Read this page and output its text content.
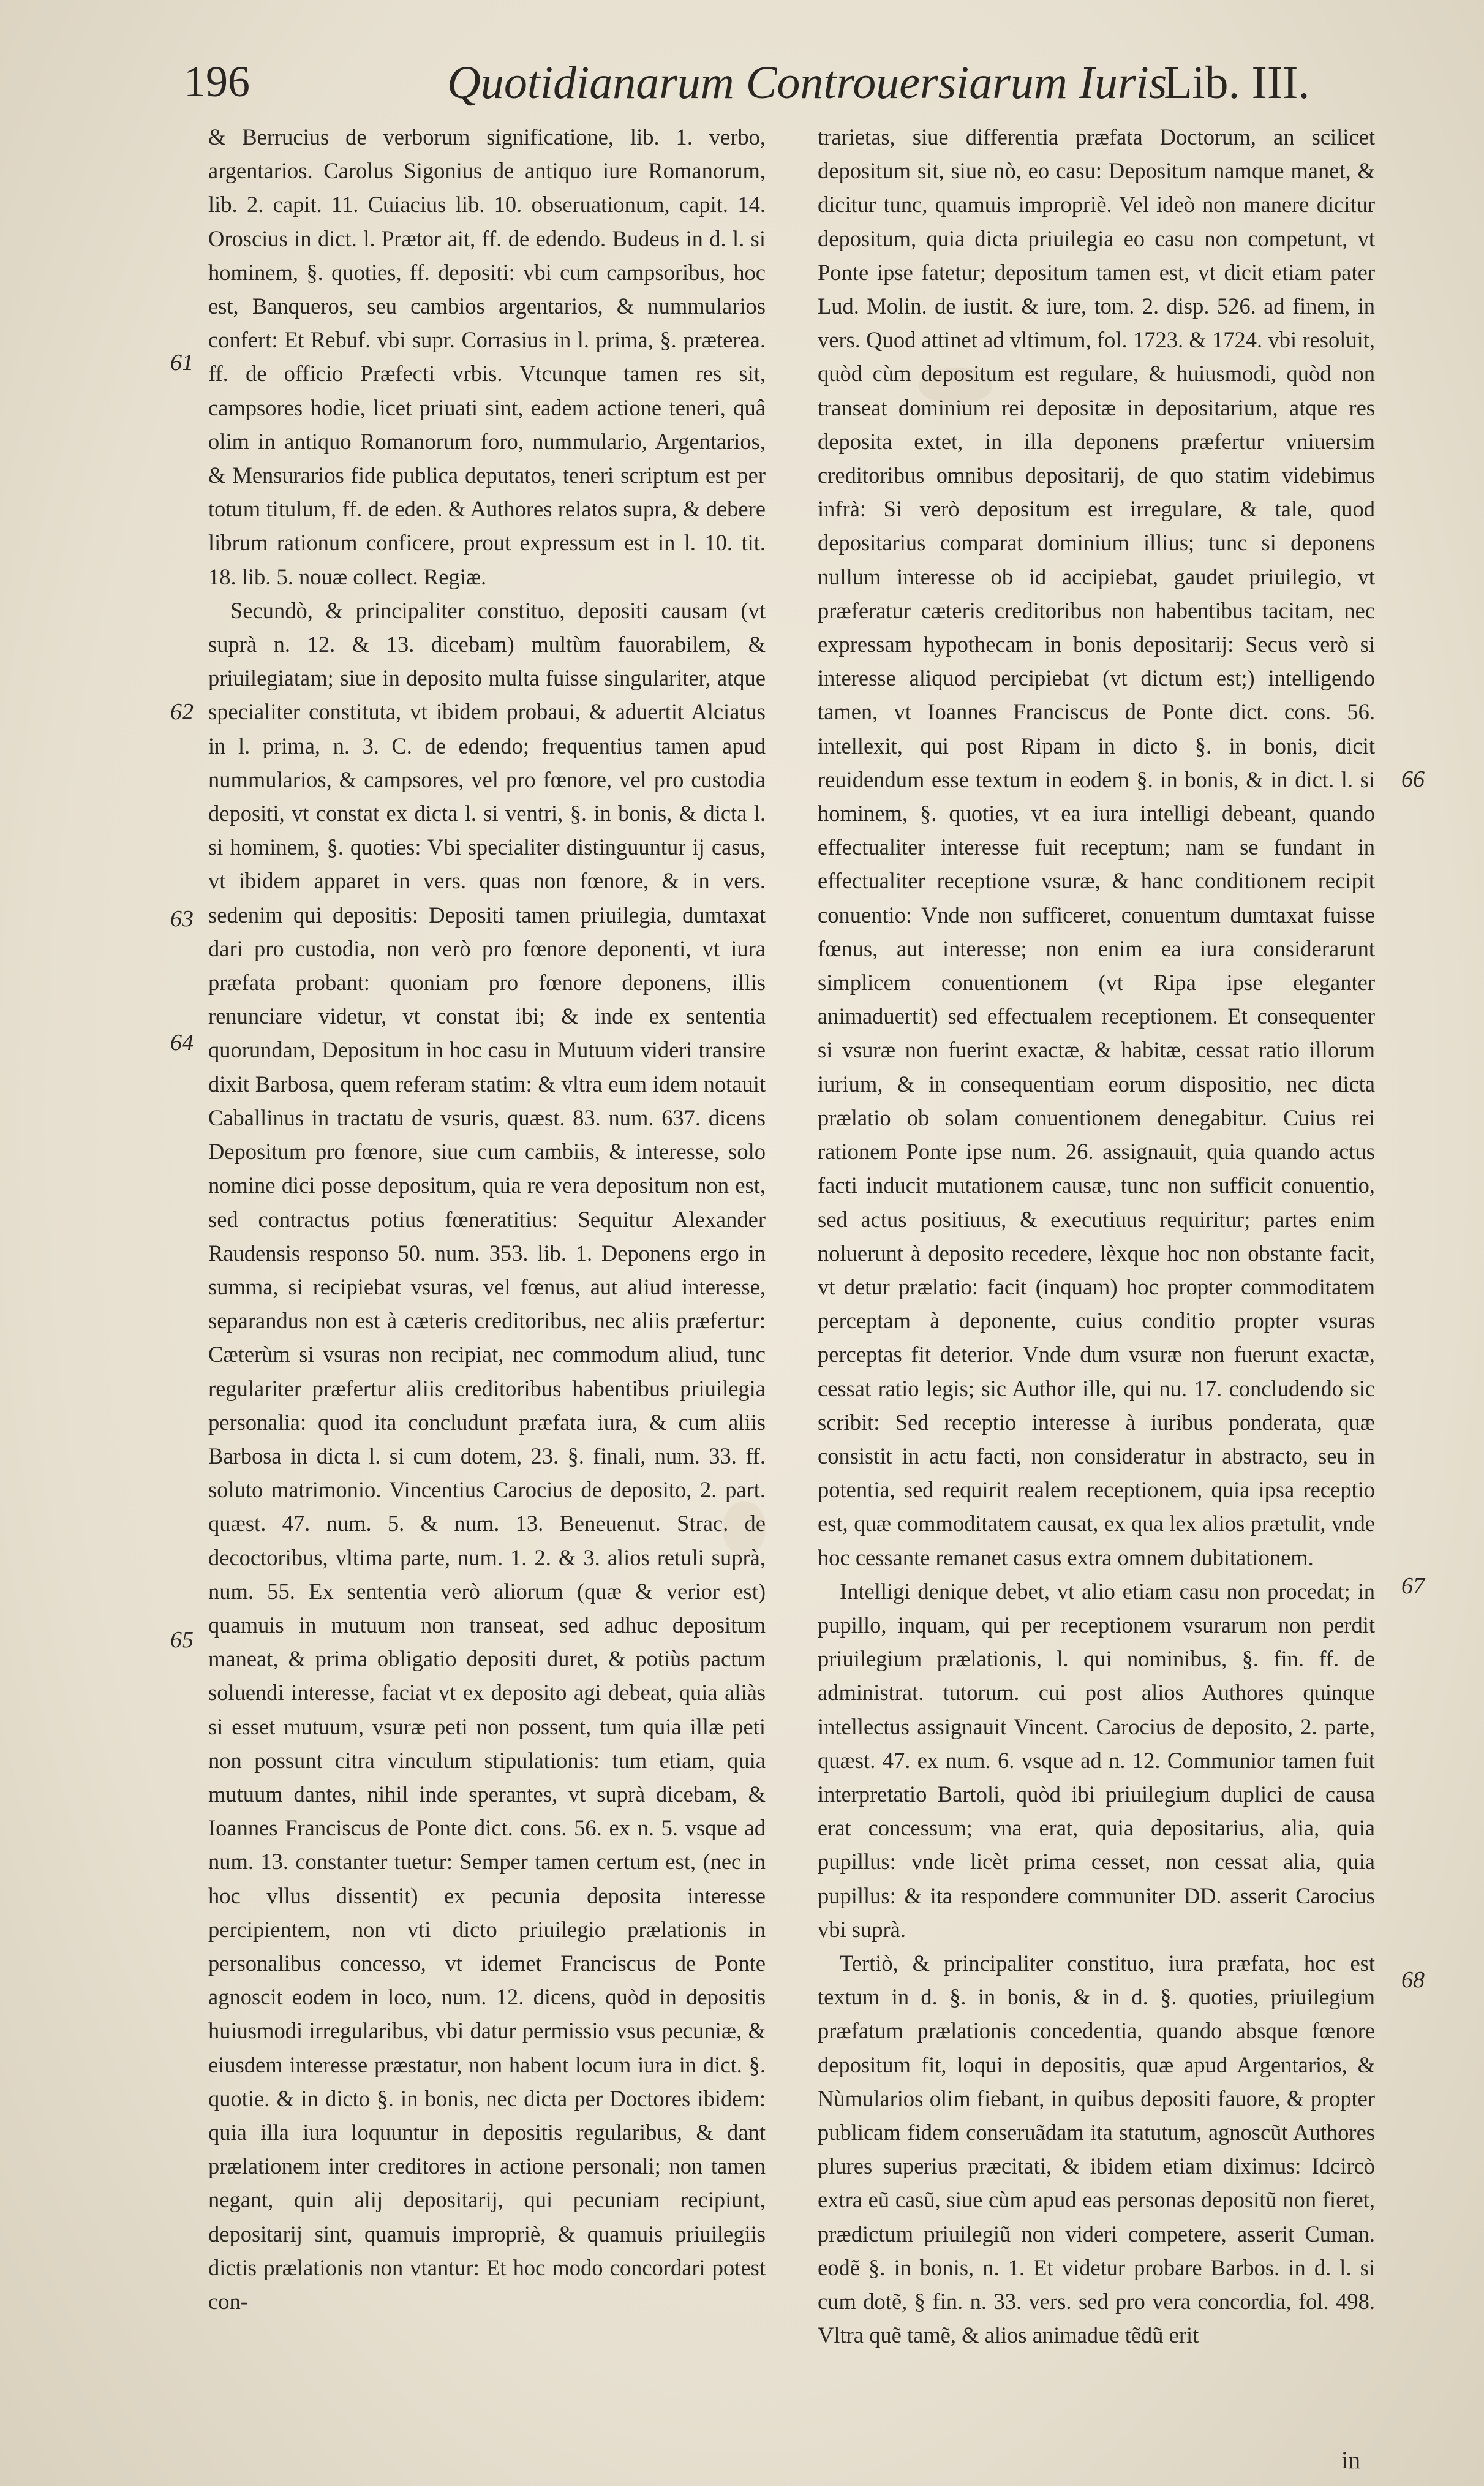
196	Quotidianarum Controuersiarum Iuris
Lib. III.
61
62
63
64
65
66
67
68

& Berrucius de verborum significatione, lib. 1. verbo, argentarios. Carolus Sigonius de antiquo iure Romanorum, lib. 2. capit. 11. Cuiacius lib. 10. obseruationum, capit. 14. Oroscius in dict. l. Prætor ait, ff. de edendo. Budeus in d. l. si hominem, §. quoties, ff. depositi: vbi cum campsoribus, hoc est, Banqueros, seu cambios argentarios, & nummularios confert: Et Rebuf. vbi supr. Corrasius in l. prima, §. præterea. ff. de officio Præfecti vrbis. Vtcunque tamen res sit, campsores hodie, licet priuati sint, eadem actione teneri, quâ olim in antiquo Romanorum foro, nummulario, Argentarios, & Mensurarios fide publica deputatos, teneri scriptum est per totum titulum, ff. de eden. & Authores relatos supra, & debere librum rationum conficere, prout expressum est in l. 10. tit. 18. lib. 5. nouæ collect. Regiæ.

Secundò, & principaliter constituo, depositi causam (vt suprà n. 12. & 13. dicebam) multùm fauorabilem, & priuilegiatam; siue in deposito multa fuisse singulariter, atque specialiter constituta, vt ibidem probaui, & aduertit Alciatus in l. prima, n. 3. C. de edendo; frequentius tamen apud nummularios, & campsores, vel pro fœnore, vel pro custodia depositi, vt constat ex dicta l. si ventri, §. in bonis, & dicta l. si hominem, §. quoties: Vbi specialiter distinguuntur ij casus, vt ibidem apparet in vers. quas non fœnore, & in vers. sedenim qui depositis: Depositi tamen priuilegia, dumtaxat dari pro custodia, non verò pro fœnore deponenti, vt iura præfata probant: quoniam pro fœnore deponens, illis renunciare videtur, vt constat ibi; & inde ex sententia quorundam, Depositum in hoc casu in Mutuum videri transire dixit Barbosa, quem referam statim: & vltra eum idem notauit Caballinus in tractatu de vsuris, quæst. 83. num. 637. dicens Depositum pro fœnore, siue cum cambiis, & interesse, solo nomine dici posse depositum, quia re vera depositum non est, sed contractus potius fœneratitius: Sequitur Alexander Raudensis responso 50. num. 353. lib. 1. Deponens ergo in summa, si recipiebat vsuras, vel fœnus, aut aliud interesse, separandus non est à cæteris creditoribus, nec aliis præfertur: Cæterùm si vsuras non recipiat, nec commodum aliud, tunc regulariter præfertur aliis creditoribus habentibus priuilegia personalia: quod ita concludunt præfata iura, & cum aliis Barbosa in dicta l. si cum dotem, 23. §. finali, num. 33. ff. soluto matrimonio. Vincentius Carocius de deposito, 2. part. quæst. 47. num. 5. & num. 13. Beneuenut. Strac. de decoctoribus, vltima parte, num. 1. 2. & 3. alios retuli suprà, num. 55. Ex sententia verò aliorum (quæ & verior est) quamuis in mutuum non transeat, sed adhuc depositum maneat, & prima obligatio depositi duret, & potiùs pactum soluendi interesse, faciat vt ex deposito agi debeat, quia aliàs si esset mutuum, vsuræ peti non possent, tum quia illæ peti non possunt citra vinculum stipulationis: tum etiam, quia mutuum dantes, nihil inde sperantes, vt suprà dicebam, & Ioannes Franciscus de Ponte dict. cons. 56. ex n. 5. vsque ad num. 13. constanter tuetur: Semper tamen certum est, (nec in hoc vllus dissentit) ex pecunia deposita interesse percipientem, non vti dicto priuilegio prælationis in personalibus concesso, vt idemet Franciscus de Ponte agnoscit eodem in loco, num. 12. dicens, quòd in depositis huiusmodi irregularibus, vbi datur permissio vsus pecuniæ, & eiusdem interesse præstatur, non habent locum iura in dict. §. quotie. & in dicto §. in bonis, nec dicta per Doctores ibidem: quia illa iura loquuntur in depositis regularibus, & dant prælationem inter creditores in actione personali; non tamen negant, quin alij depositarij, qui pecuniam recipiunt, depositarij sint, quamuis impropriè, & quamuis priuilegiis dictis prælationis non vtantur: Et hoc modo concordari potest con-

trarietas, siue differentia præfata Doctorum, an scilicet depositum sit, siue nò, eo casu: Depositum namque manet, & dicitur tunc, quamuis impropriè. Vel ideò non manere dicitur depositum, quia dicta priuilegia eo casu non competunt, vt Ponte ipse fatetur; depositum tamen est, vt dicit etiam pater Lud. Molin. de iustit. & iure, tom. 2. disp. 526. ad finem, in vers. Quod attinet ad vltimum, fol. 1723. & 1724. vbi resoluit, quòd cùm depositum est regulare, & huiusmodi, quòd non transeat dominium rei depositæ in depositarium, atque res deposita extet, in illa deponens præfertur vniuersim creditoribus omnibus depositarij, de quo statim videbimus infrà: Si verò depositum est irregulare, & tale, quod depositarius comparat dominium illius; tunc si deponens nullum interesse ob id accipiebat, gaudet priuilegio, vt præferatur cæteris creditoribus non habentibus tacitam, nec expressam hypothecam in bonis depositarij: Secus verò si interesse aliquod percipiebat (vt dictum est;) intelligendo tamen, vt Ioannes Franciscus de Ponte dict. cons. 56. intellexit, qui post Ripam in dicto §. in bonis, dicit reuidendum esse textum in eodem §. in bonis, & in dict. l. si hominem, §. quoties, vt ea iura intelligi debeant, quando effectualiter interesse fuit receptum; nam se fundant in effectualiter receptione vsuræ, & hanc conditionem recipit conuentio: Vnde non sufficeret, conuentum dumtaxat fuisse fœnus, aut interesse; non enim ea iura considerarunt simplicem conuentionem (vt Ripa ipse eleganter animaduertit) sed effectualem receptionem. Et consequenter si vsuræ non fuerint exactæ, & habitæ, cessat ratio illorum iurium, & in consequentiam eorum dispositio, nec dicta prælatio ob solam conuentionem denegabitur. Cuius rei rationem Ponte ipse num. 26. assignauit, quia quando actus facti inducit mutationem causæ, tunc non sufficit conuentio, sed actus positiuus, & executiuus requiritur; partes enim noluerunt à deposito recedere, lèxque hoc non obstante facit, vt detur prælatio: facit (inquam) hoc propter commoditatem perceptam à deponente, cuius conditio propter vsuras perceptas fit deterior. Vnde dum vsuræ non fuerunt exactæ, cessat ratio legis; sic Author ille, qui nu. 17. concludendo sic scribit: Sed receptio interesse à iuribus ponderata, quæ consistit in actu facti, non consideratur in abstracto, seu in potentia, sed requirit realem receptionem, quia ipsa receptio est, quæ commoditatem causat, ex qua lex alios prætulit, vnde hoc cessante remanet casus extra omnem dubitationem.

Intelligi denique debet, vt alio etiam casu non procedat; in pupillo, inquam, qui per receptionem vsurarum non perdit priuilegium prælationis, l. qui nominibus, §. fin. ff. de administrat. tutorum. cui post alios Authores quinque intellectus assignauit Vincent. Carocius de deposito, 2. parte, quæst. 47. ex num. 6. vsque ad n. 12. Communior tamen fuit interpretatio Bartoli, quòd ibi priuilegium duplici de causa erat concessum; vna erat, quia depositarius, alia, quia pupillus: vnde licèt prima cesset, non cessat alia, quia pupillus: & ita respondere communiter DD. asserit Carocius vbi suprà.

Tertiò, & principaliter constituo, iura præfata, hoc est textum in d. §. in bonis, & in d. §. quoties, priuilegium præfatum prælationis concedentia, quando absque fœnore depositum fit, loqui in depositis, quæ apud Argentarios, & Nùmularios olim fiebant, in quibus depositi fauore, & propter publicam fidem conseruãdam ita statutum, agnoscũt Authores plures superius præcitati, & ibidem etiam diximus: Idcircò extra eũ casũ, siue cùm apud eas personas depositũ non fieret, prædictum priuilegiũ non videri competere, asserit Cuman. eodẽ §. in bonis, n. 1. Et videtur probare Barbos. in d. l. si cum dotẽ, § fin. n. 33. vers. sed pro vera concordia, fol. 498. Vltra quẽ tamẽ, & alios animadue tẽdũ erit

in
